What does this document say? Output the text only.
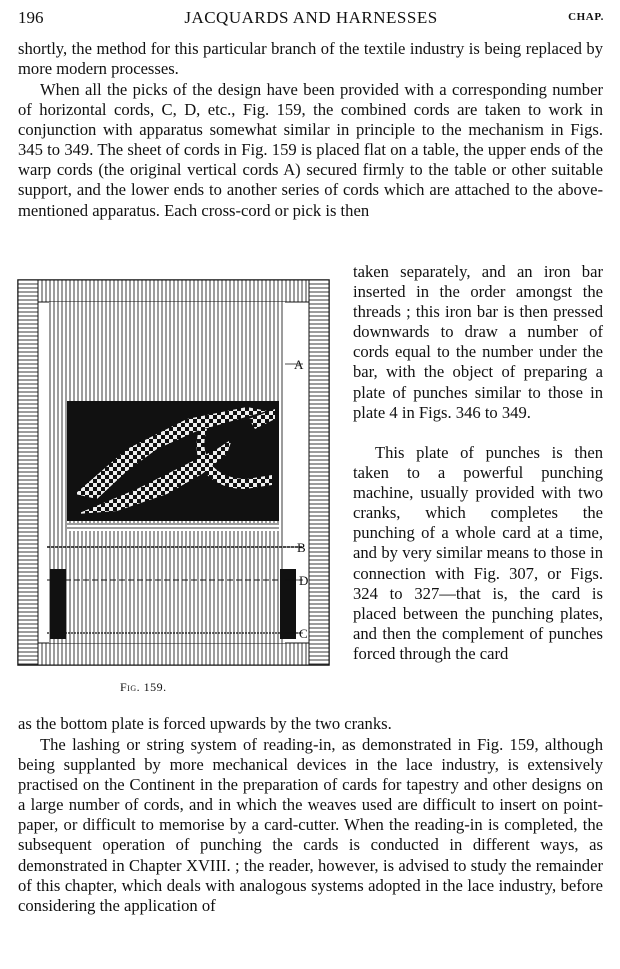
196	JACQUARDS AND HARNESSES	CHAP.

shortly, the method for this particular branch of the textile industry is being replaced by more modern processes.

When all the picks of the design have been provided with a corresponding number of horizontal cords, C, D, etc., Fig. 159, the combined cords are taken to work in conjunction with apparatus somewhat similar in principle to the mechanism in Figs. 345 to 349. The sheet of cords in Fig. 159 is placed flat on a table, the upper ends of the warp cords (the original vertical cords A) secured firmly to the table or other suitable support, and the lower ends to another series of cords which are attached to the above-mentioned apparatus. Each cross-cord or pick is then

taken separately, and an iron bar inserted in the order amongst the threads ; this iron bar is then pressed downwards to draw a number of cords equal to the number under the bar, with the object of preparing a plate of punches similar to those in plate 4 in Figs. 346 to 349.

This plate of punches is then taken to a powerful punching machine, usually provided with two cranks, which completes the punching of a whole card at a time, and by very similar means to those in connection with Fig. 307, or Figs. 324 to 327—that is, the card is placed between the punching plates, and then the complement of punches forced through the card

as the bottom plate is forced upwards by the two cranks.

The lashing or string system of reading-in, as demonstrated in Fig. 159, although being supplanted by more mechanical devices in the lace industry, is extensively practised on the Continent in the preparation of cards for tapestry and other designs on a large number of cords, and in which the weaves used are difficult to insert on point-paper, or difficult to memorise by a card-cutter. When the reading-in is completed, the subsequent operation of punching the cards is conducted in different ways, as demonstrated in Chapter XVIII. ; the reader, however, is advised to study the remainder of this chapter, which deals with analogous systems adopted in the lace industry, before considering the application of

A
B
D
C
Fig. 159.
